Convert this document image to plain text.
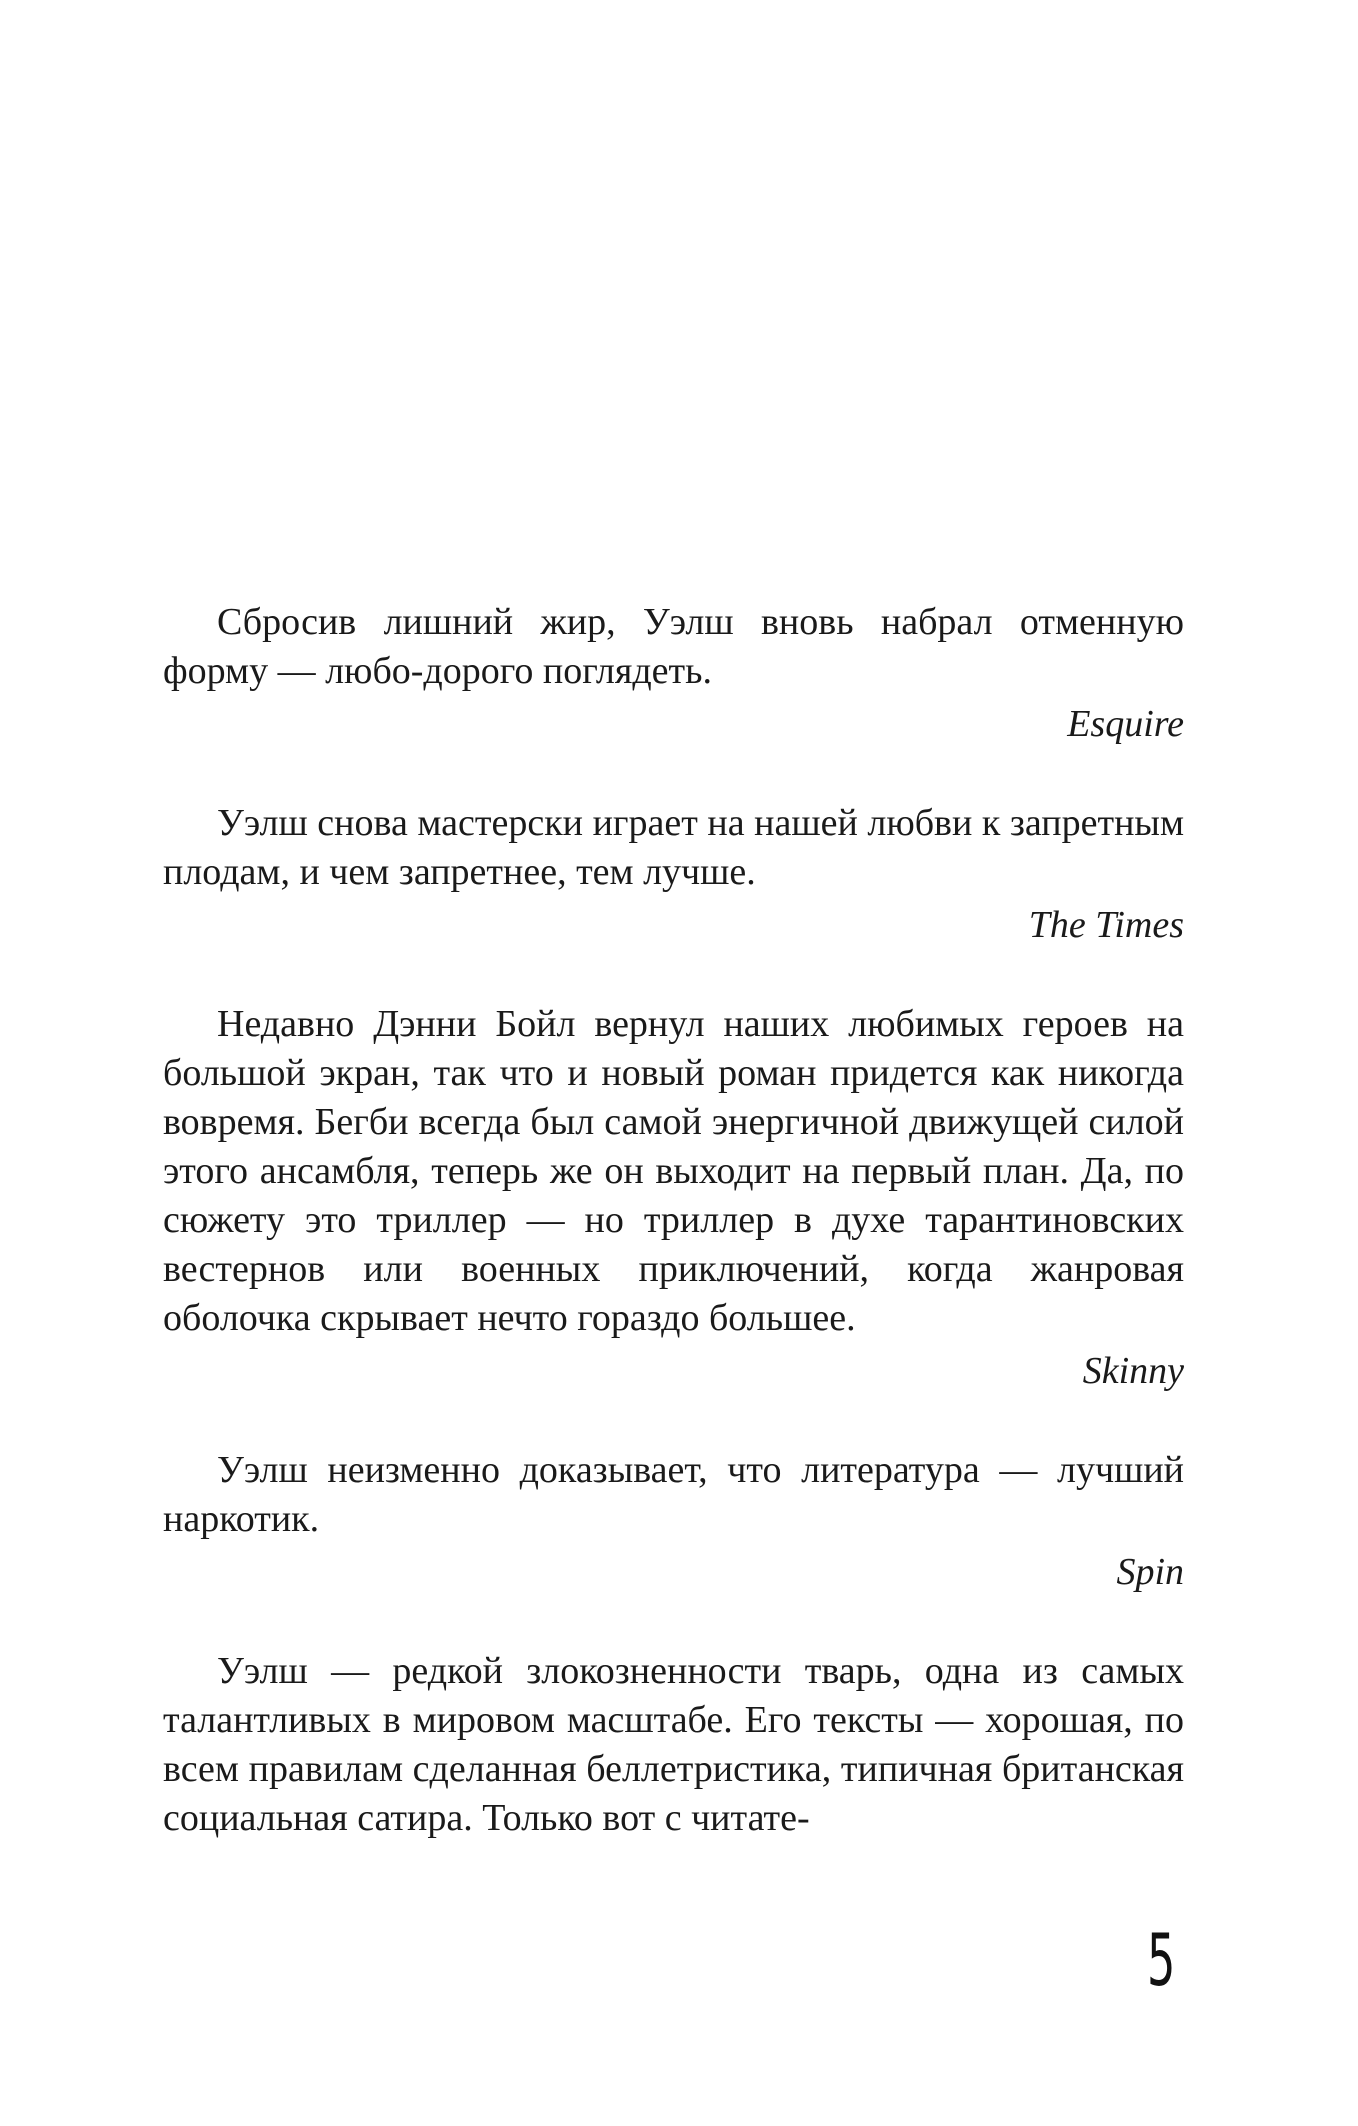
Сбросив лишний жир, Уэлш вновь набрал отменную форму — любо-дорого поглядеть.

Esquire

Уэлш снова мастерски играет на нашей любви к запретным плодам, и чем запретнее, тем лучше.

The Times

Недавно Дэнни Бойл вернул наших любимых героев на большой экран, так что и новый роман придется как никогда вовремя. Бегби всегда был самой энергичной движущей силой этого ансамбля, теперь же он выходит на первый план. Да, по сюжету это триллер — но триллер в духе тарантиновских вестернов или военных приключений, когда жанровая оболочка скрывает нечто гораздо большее.

Skinny

Уэлш неизменно доказывает, что литература — лучший наркотик.

Spin

Уэлш — редкой злокозненности тварь, одна из самых талантливых в мировом масштабе. Его тексты — хорошая, по всем правилам сделанная беллетристика, типичная британская социальная сатира. Только вот с читате-

5
